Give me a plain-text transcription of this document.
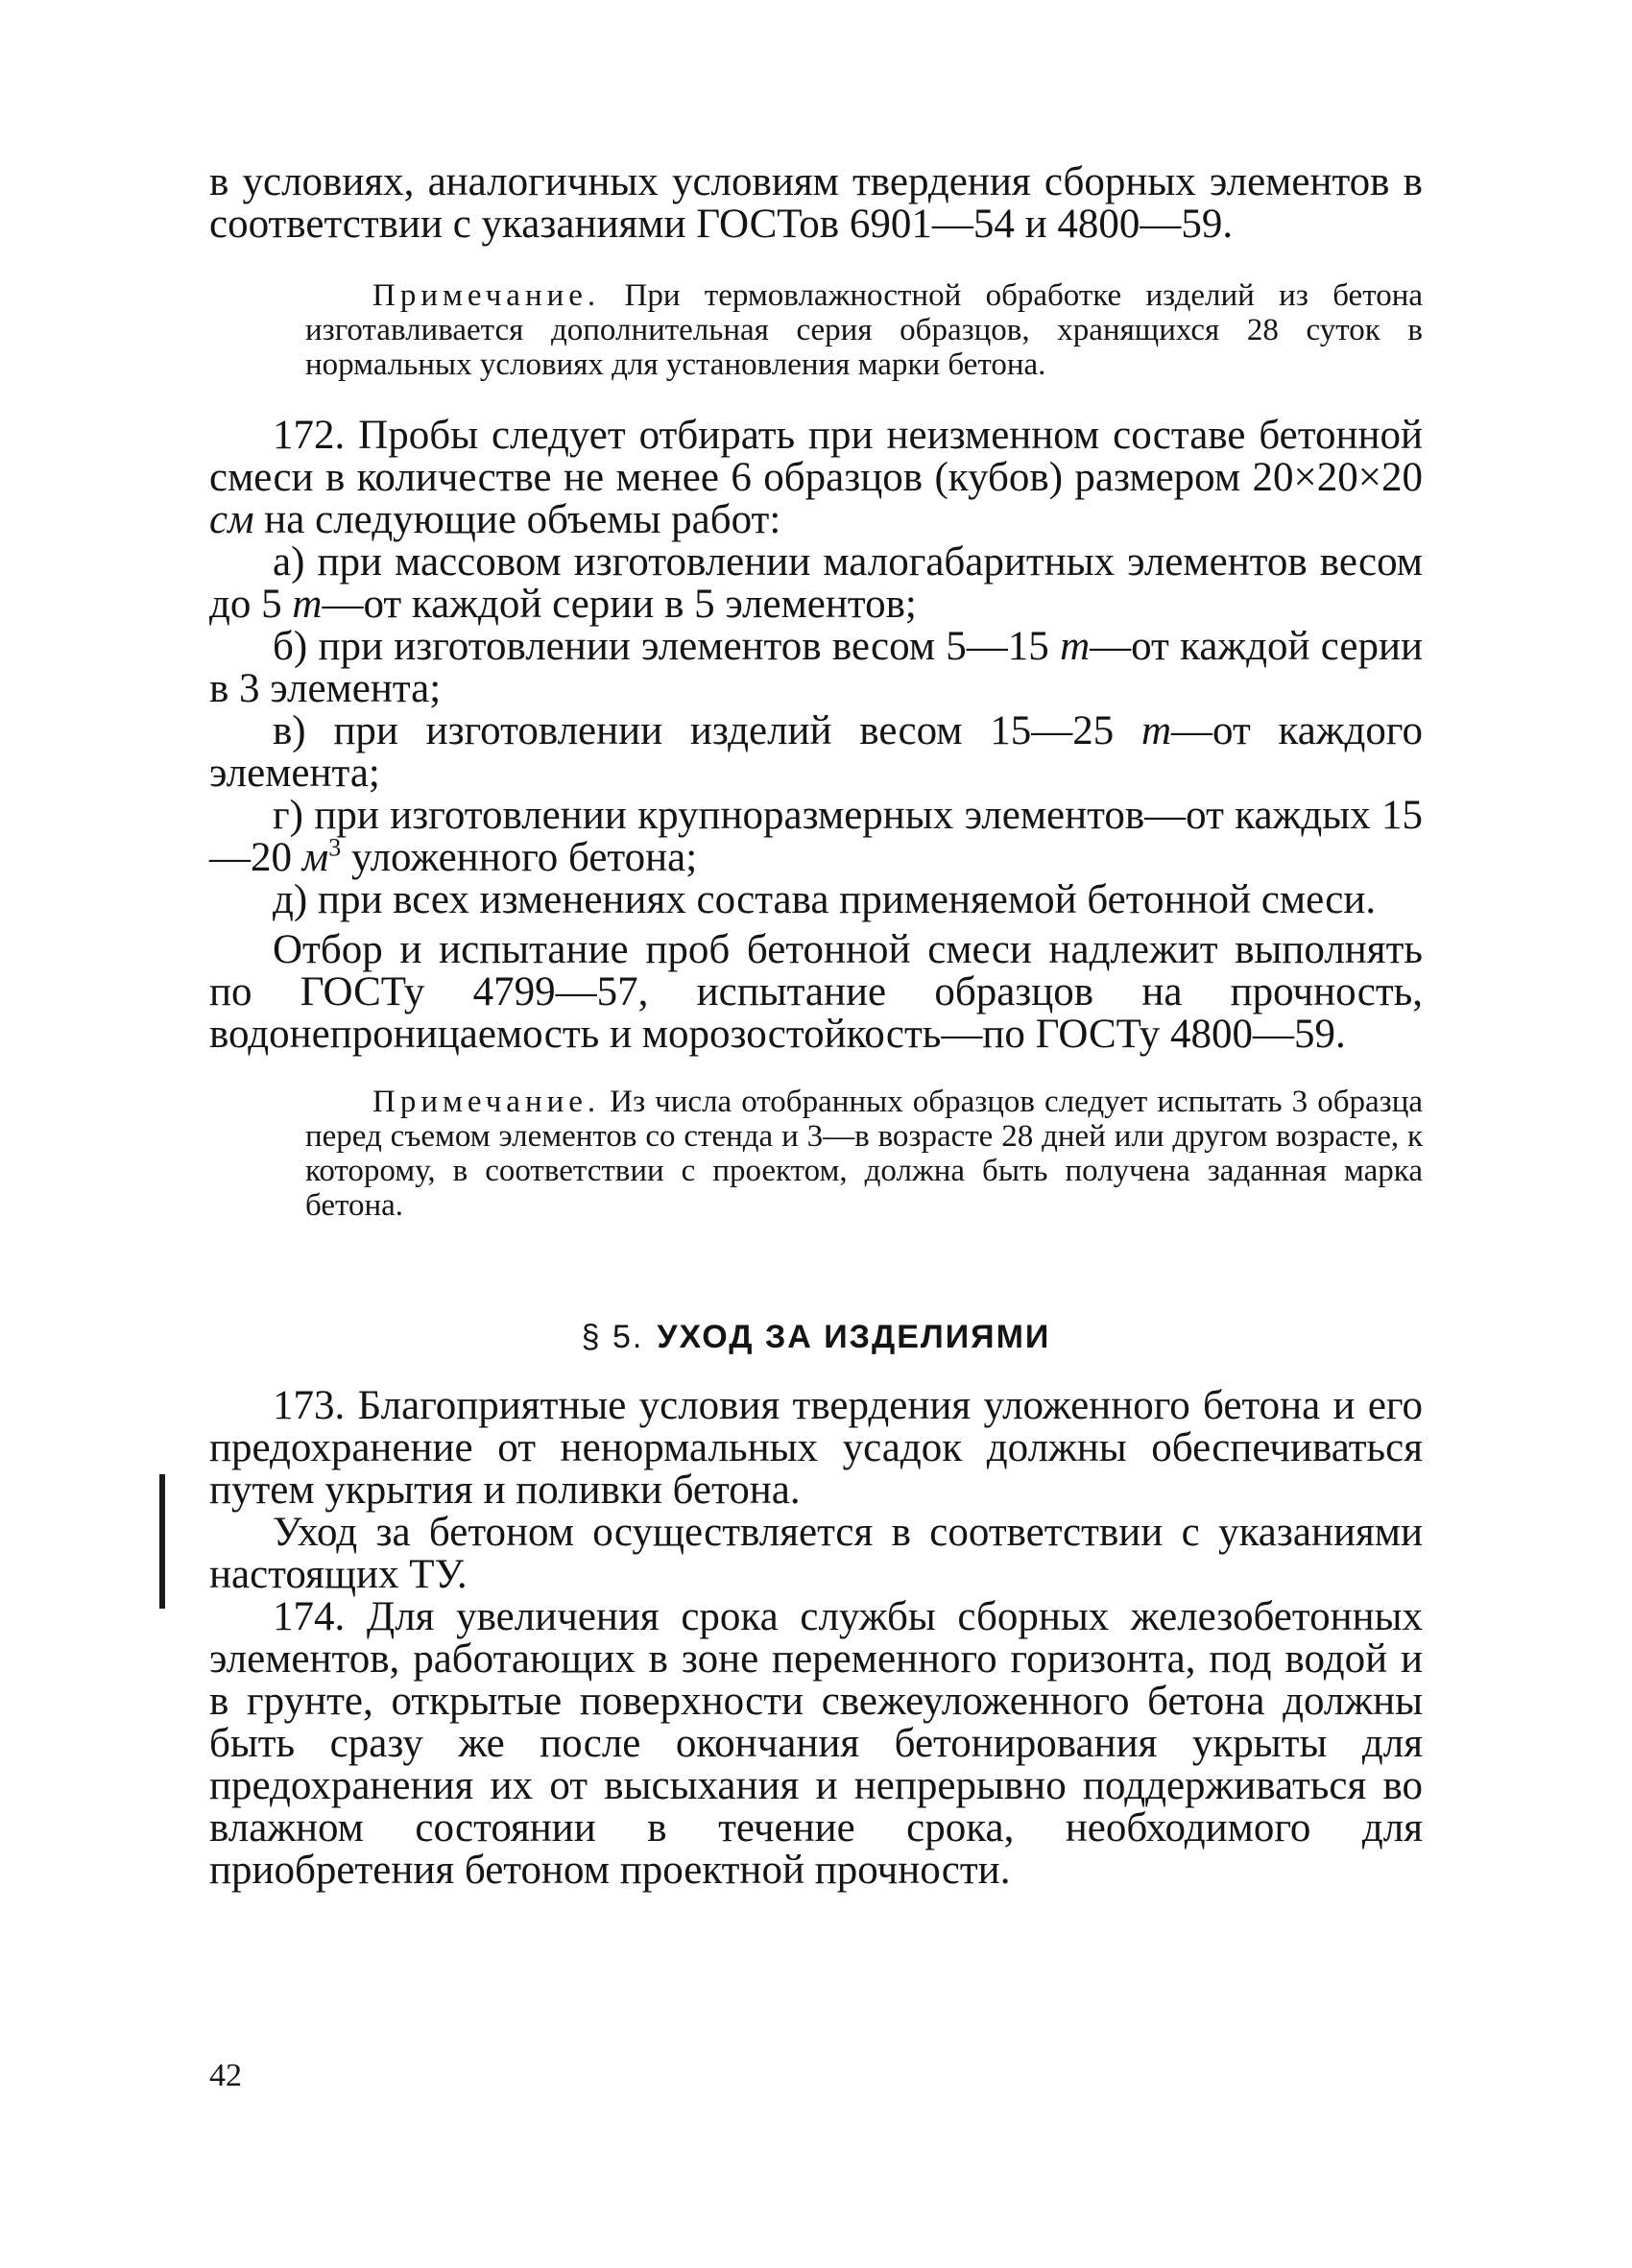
в условиях, аналогичных условиям твердения сборных элементов в соответствии с указаниями ГОСТов 6901—54 и 4800—59.

Примечание. При термовлажностной обработке изделий из бетона изготавливается дополнительная серия образцов, хранящихся 28 суток в нормальных условиях для установления марки бетона.

172. Пробы следует отбирать при неизменном составе бетонной смеси в количестве не менее 6 образцов (кубов) размером 20×20×20 см на следующие объемы работ:

а) при массовом изготовлении малогабаритных элементов весом до 5 т—от каждой серии в 5 элементов;

б) при изготовлении элементов весом 5—15 т—от каждой серии в 3 элемента;

в) при изготовлении изделий весом 15—25 т—от каждого элемента;

г) при изготовлении крупноразмерных элементов—от каждых 15—20 $м^3$ уложенного бетона;

д) при всех изменениях состава применяемой бетонной смеси.

Отбор и испытание проб бетонной смеси надлежит выполнять по ГОСТу 4799—57, испытание образцов на прочность, водонепроницаемость и морозостойкость—по ГОСТу 4800—59.

Примечание. Из числа отобранных образцов следует испытать 3 образца перед съемом элементов со стенда и 3—в возрасте 28 дней или другом возрасте, к которому, в соответствии с проектом, должна быть получена заданная марка бетона.

§ 5. УХОД ЗА ИЗДЕЛИЯМИ

173. Благоприятные условия твердения уложенного бетона и его предохранение от ненормальных усадок должны обеспечиваться путем укрытия и поливки бетона.

Уход за бетоном осуществляется в соответствии с указаниями настоящих ТУ.

174. Для увеличения срока службы сборных железобетонных элементов, работающих в зоне переменного горизонта, под водой и в грунте, открытые поверхности свежеуложенного бетона должны быть сразу же после окончания бетонирования укрыты для предохранения их от высыхания и непрерывно поддерживаться во влажном состоянии в течение срока, необходимого для приобретения бетоном проектной прочности.

42
